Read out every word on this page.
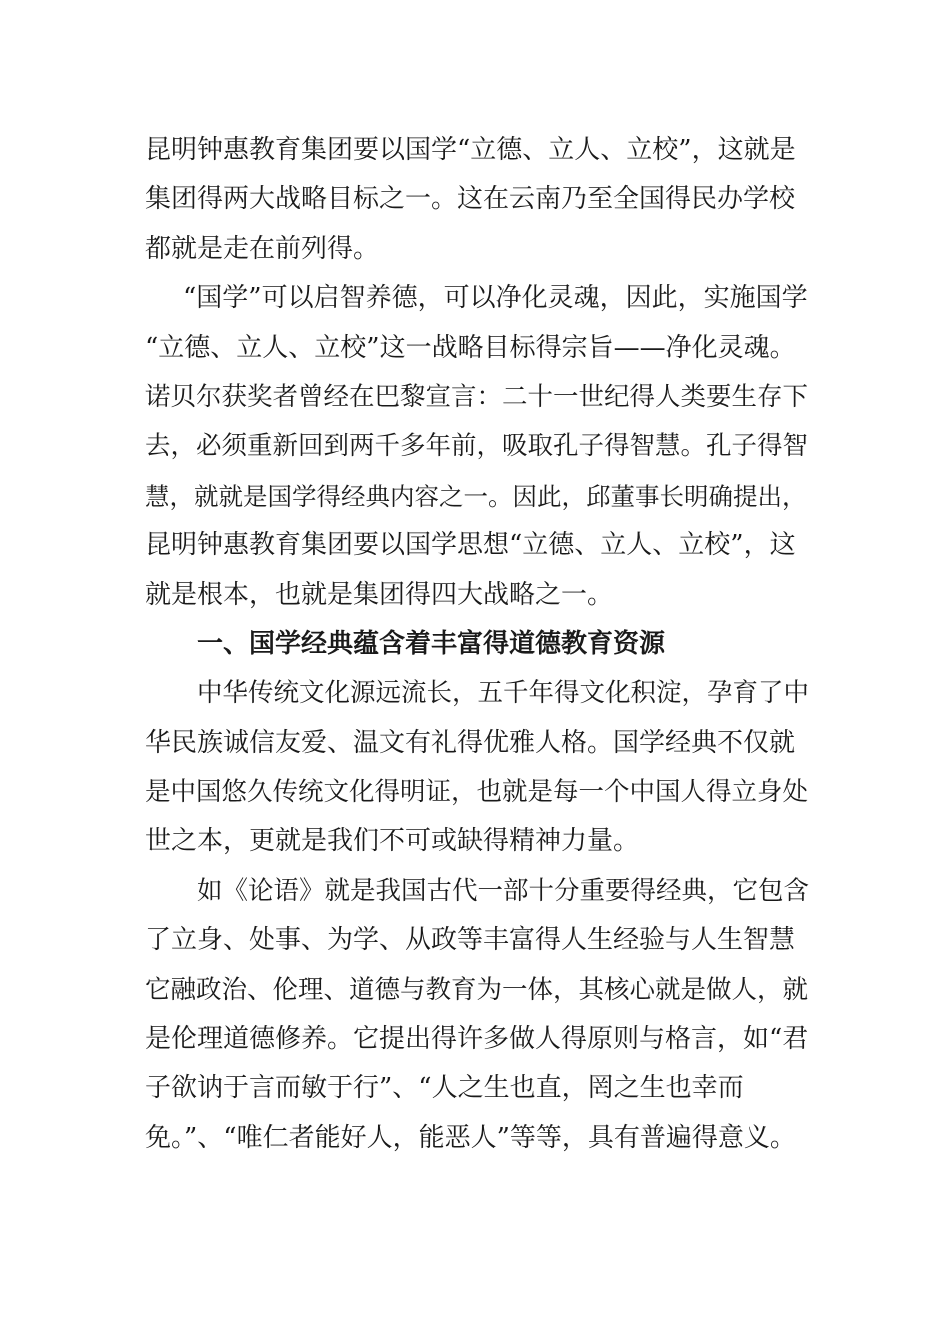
昆明钟惠教育集团要以国学“立德、立人、立校”，这就是
集团得两大战略目标之一。这在云南乃至全国得民办学校
都就是走在前列得。
“国学”可以启智养德，可以净化灵魂，因此，实施国学
“立德、立人、立校”这一战略目标得宗旨——净化灵魂。
诺贝尔获奖者曾经在巴黎宣言：二十一世纪得人类要生存下
去，必须重新回到两千多年前，吸取孔子得智慧。孔子得智
慧，就就是国学得经典内容之一。因此，邱董事长明确提出，
昆明钟惠教育集团要以国学思想“立德、立人、立校”，这
就是根本，也就是集团得四大战略之一。
一、国学经典蕴含着丰富得道德教育资源
中华传统文化源远流长，五千年得文化积淀，孕育了中
华民族诚信友爱、温文有礼得优雅人格。国学经典不仅就
是中国悠久传统文化得明证，也就是每一个中国人得立身处
世之本，更就是我们不可或缺得精神力量。
如《论语》就是我国古代一部十分重要得经典，它包含
了立身、处事、为学、从政等丰富得人生经验与人生智慧
它融政治、伦理、道德与教育为一体，其核心就是做人，就
是伦理道德修养。它提出得许多做人得原则与格言，如“君
子欲讷于言而敏于行”、“人之生也直，罔之生也幸而
免。”、“唯仁者能好人，能恶人”等等，具有普遍得意义。
